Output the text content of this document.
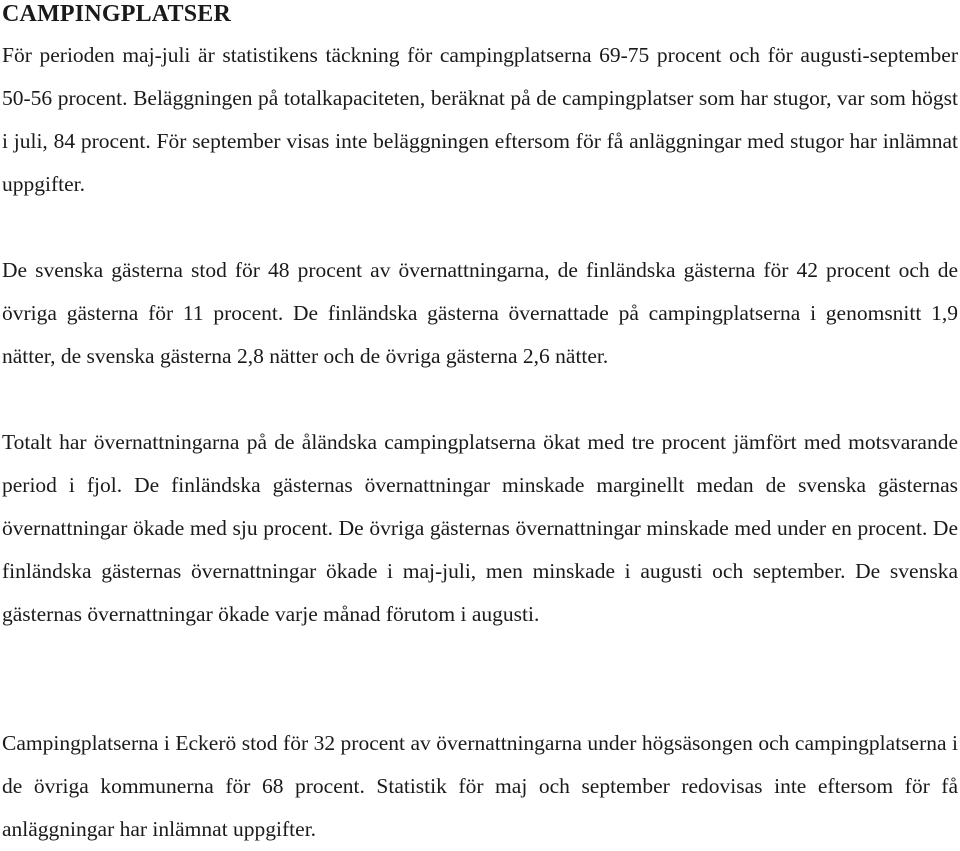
CAMPINGPLATSER

För perioden maj-juli är statistikens täckning för campingplatserna 69-75 procent och för augusti-september 50-56 procent. Beläggningen på totalkapaciteten, beräknat på de campingplatser som har stugor, var som högst i juli, 84 procent. För september visas inte beläggningen eftersom för få anläggningar med stugor har inlämnat uppgifter.

De svenska gästerna stod för 48 procent av övernattningarna, de finländska gästerna för 42 procent och de övriga gästerna för 11 procent. De finländska gästerna övernattade på campingplatserna i genomsnitt 1,9 nätter, de svenska gästerna 2,8 nätter och de övriga gästerna 2,6 nätter.

Totalt har övernattningarna på de åländska campingplatserna ökat med tre procent jämfört med motsvarande period i fjol. De finländska gästernas övernattningar minskade marginellt medan de svenska gästernas övernattningar ökade med sju procent. De övriga gästernas övernattningar minskade med under en procent. De finländska gästernas övernattningar ökade i maj-juli, men minskade i augusti och september. De svenska gästernas övernattningar ökade varje månad förutom i augusti.

Campingplatserna i Eckerö stod för 32 procent av övernattningarna under högsäsongen och campingplatserna i de övriga kommunerna för 68 procent. Statistik för maj och september redovisas inte eftersom för få anläggningar har inlämnat uppgifter.
